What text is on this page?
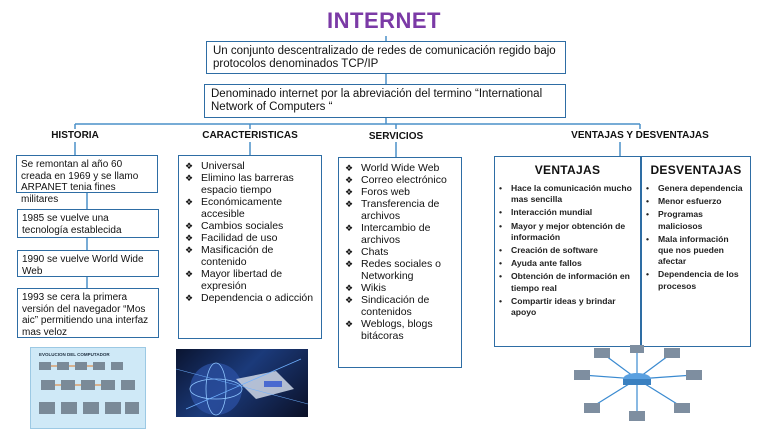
INTERNET
Un conjunto descentralizado de redes de comunicación regido bajo protocolos denominados TCP/IP
Denominado internet por la abreviación del termino “International Network of Computers “
HISTORIA	CARACTERISTICAS	SERVICIOS	VENTAJAS Y DESVENTAJAS
Se remontan al año 60 creada en 1969 y se llamo ARPANET tenia fines militares
1985 se vuelve una tecnología establecida
1990 se vuelve World Wide Web
1993 se cera la primera versión del navegador “Mos aic” permitiendo una interfaz mas veloz
❖ Universal
❖ Elimino las barreras espacio tiempo
❖ Económicamente accesible
❖ Cambios sociales
❖ Facilidad de uso
❖ Masificación de contenido
❖ Mayor libertad de expresión
❖ Dependencia o adicción
❖ World Wide Web
❖ Correo electrónico
❖ Foros web
❖ Transferencia de archivos
❖ Intercambio de archivos
❖ Chats
❖ Redes sociales o Networking
❖ Wikis
❖ Sindicación de contenidos
❖ Weblogs, blogs bitácoras
VENTAJAS
•	Hace la comunicación mucho mas sencilla
•	Interacción mundial
•	Mayor y mejor obtención de información
•	Creación de software
•	Ayuda ante fallos
•	Obtención de información en tiempo real
•	Compartir ideas y brindar apoyo
DESVENTAJAS
•	Genera dependencia
•	Menor esfuerzo
•	Programas maliciosos
•	Mala información que nos pueden afectar
•	Dependencia de los procesos
EVOLUCION DEL COMPUTADOR
